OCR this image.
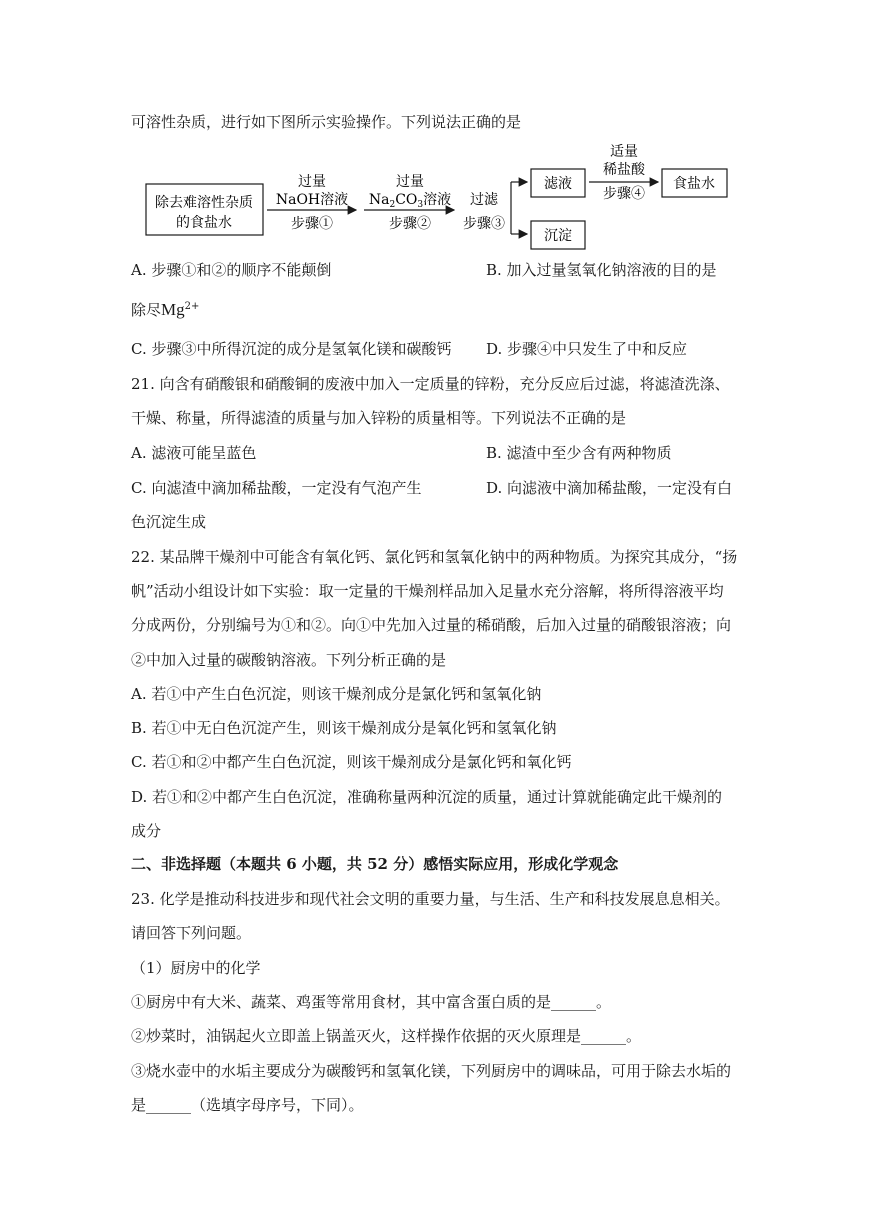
可溶性杂质，进行如下图所示实验操作。下列说法正确的是
除去难溶性杂质
的食盐水
过量
NaOH溶液
步骤①
过量
$Na_2CO_3$溶液
步骤②
过滤
步骤③
滤液
沉淀
适量
稀盐酸
步骤④
食盐水
A. 步骤①和②的顺序不能颠倒	B. 加入过量氢氧化钠溶液的目的是
除尽$Mg^{2+}$
C. 步骤③中所得沉淀的成分是氢氧化镁和碳酸钙 D. 步骤④中只发生了中和反应
21. 向含有硝酸银和硝酸铜的废液中加入一定质量的锌粉，充分反应后过滤，将滤渣洗涤、
干燥、称量，所得滤渣的质量与加入锌粉的质量相等。下列说法不正确的是
A. 滤液可能呈蓝色	B. 滤渣中至少含有两种物质
C. 向滤渣中滴加稀盐酸，一定没有气泡产生	D. 向滤液中滴加稀盐酸，一定没有白
色沉淀生成
22. 某品牌干燥剂中可能含有氧化钙、氯化钙和氢氧化钠中的两种物质。为探究其成分，“扬
帆”活动小组设计如下实验：取一定量的干燥剂样品加入足量水充分溶解，将所得溶液平均
分成两份，分别编号为①和②。向①中先加入过量的稀硝酸，后加入过量的硝酸银溶液；向
②中加入过量的碳酸钠溶液。下列分析正确的是
A. 若①中产生白色沉淀，则该干燥剂成分是氯化钙和氢氧化钠
B. 若①中无白色沉淀产生，则该干燥剂成分是氧化钙和氢氧化钠
C. 若①和②中都产生白色沉淀，则该干燥剂成分是氯化钙和氧化钙
D. 若①和②中都产生白色沉淀，准确称量两种沉淀的质量，通过计算就能确定此干燥剂的
成分
二、非选择题（本题共 6 小题，共 52 分）感悟实际应用，形成化学观念
23. 化学是推动科技进步和现代社会文明的重要力量，与生活、生产和科技发展息息相关。
请回答下列问题。
（1）厨房中的化学
①厨房中有大米、蔬菜、鸡蛋等常用食材，其中富含蛋白质的是______。
②炒菜时，油锅起火立即盖上锅盖灭火，这样操作依据的灭火原理是______。
③烧水壶中的水垢主要成分为碳酸钙和氢氧化镁，下列厨房中的调味品，可用于除去水垢的
是______（选填字母序号，下同）。
